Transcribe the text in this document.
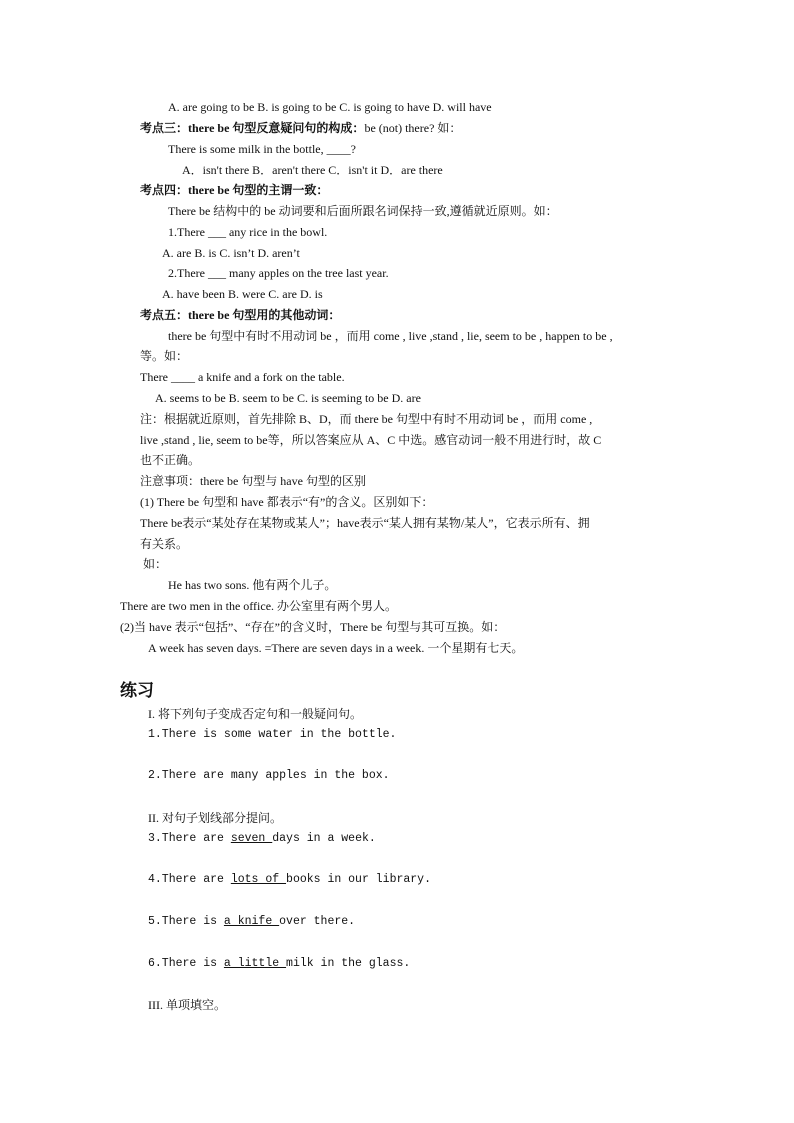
A. are going to be B. is going to be C. is going to have D. will have
考点三：there be 句型反意疑问句的构成：be (not) there? 如：
There is some milk in the bottle, ____?
A．isn't there B．aren't there C．isn't it D．are there
考点四：there be 句型的主谓一致：
There be 结构中的 be 动词要和后面所跟名词保持一致,遵循就近原则。如：
1.There ___ any rice in the bowl.
A. are B. is C. isn’t D. aren’t
2.There ___ many apples on the tree last year.
A. have been B. were C. are D. is
考点五：there be 句型用的其他动词：
there be 句型中有时不用动词 be ，而用 come , live ,stand , lie, seem to be , happen to be ,
等。如：
There ____ a knife and a fork on the table.
A. seems to be B. seem to be C. is seeming to be D. are
注：根据就近原则，首先排除 B、D，而 there be 句型中有时不用动词 be ，而用 come ,
live ,stand , lie, seem to be等，所以答案应从 A、C 中选。感官动词一般不用进行时，故 C
也不正确。
注意事项：there be 句型与 have 句型的区别
(1) There be 句型和 have 都表示“有”的含义。区别如下：
There be表示“某处存在某物或某人”；have表示“某人拥有某物/某人”，它表示所有、拥
有关系。
如：
He has two sons. 他有两个儿子。
There are two men in the office. 办公室里有两个男人。
(2)当 have 表示“包括”、“存在”的含义时，There be 句型与其可互换。如：
A week has seven days. =There are seven days in a week. 一个星期有七天。
练习
I. 将下列句子变成否定句和一般疑问句。
1.There is some water in the bottle.
2.There are many apples in the box.
II. 对句子划线部分提问。
3.There are seven days in a week.
4.There are lots of books in our library.
5.There is a knife over there.
6.There is a little milk in the glass.
III. 单项填空。
